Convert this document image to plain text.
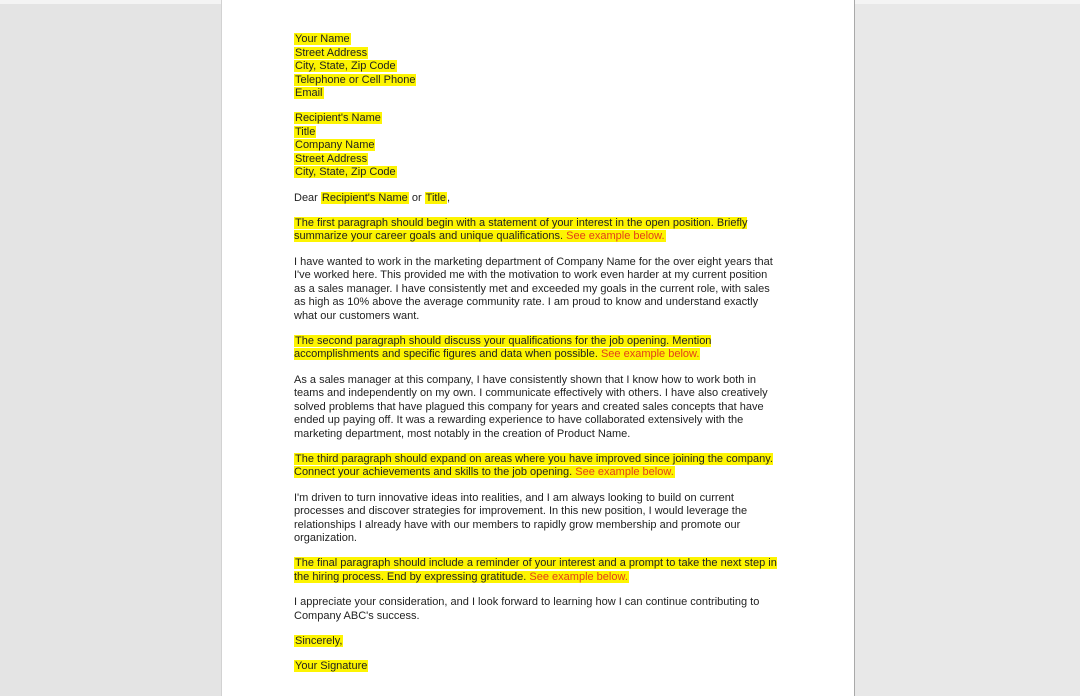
Your Name
Street Address
City, State, Zip Code
Telephone or Cell Phone
Email
Recipient's Name
Title
Company Name
Street Address
City, State, Zip Code

Dear Recipient's Name or Title,

The first paragraph should begin with a statement of your interest in the open position. Briefly summarize your career goals and unique qualifications. See example below.

I have wanted to work in the marketing department of Company Name for the over eight years that I've worked here. This provided me with the motivation to work even harder at my current position as a sales manager. I have consistently met and exceeded my goals in the current role, with sales as high as 10% above the average community rate. I am proud to know and understand exactly what our customers want.

The second paragraph should discuss your qualifications for the job opening. Mention accomplishments and specific figures and data when possible. See example below.

As a sales manager at this company, I have consistently shown that I know how to work both in teams and independently on my own. I communicate effectively with others. I have also creatively solved problems that have plagued this company for years and created sales concepts that have ended up paying off. It was a rewarding experience to have collaborated extensively with the marketing department, most notably in the creation of Product Name.

The third paragraph should expand on areas where you have improved since joining the company. Connect your achievements and skills to the job opening. See example below.

I'm driven to turn innovative ideas into realities, and I am always looking to build on current processes and discover strategies for improvement. In this new position, I would leverage the relationships I already have with our members to rapidly grow membership and promote our organization.

The final paragraph should include a reminder of your interest and a prompt to take the next step in the hiring process. End by expressing gratitude. See example below.

I appreciate your consideration, and I look forward to learning how I can continue contributing to Company ABC's success.

Sincerely,

Your Signature
